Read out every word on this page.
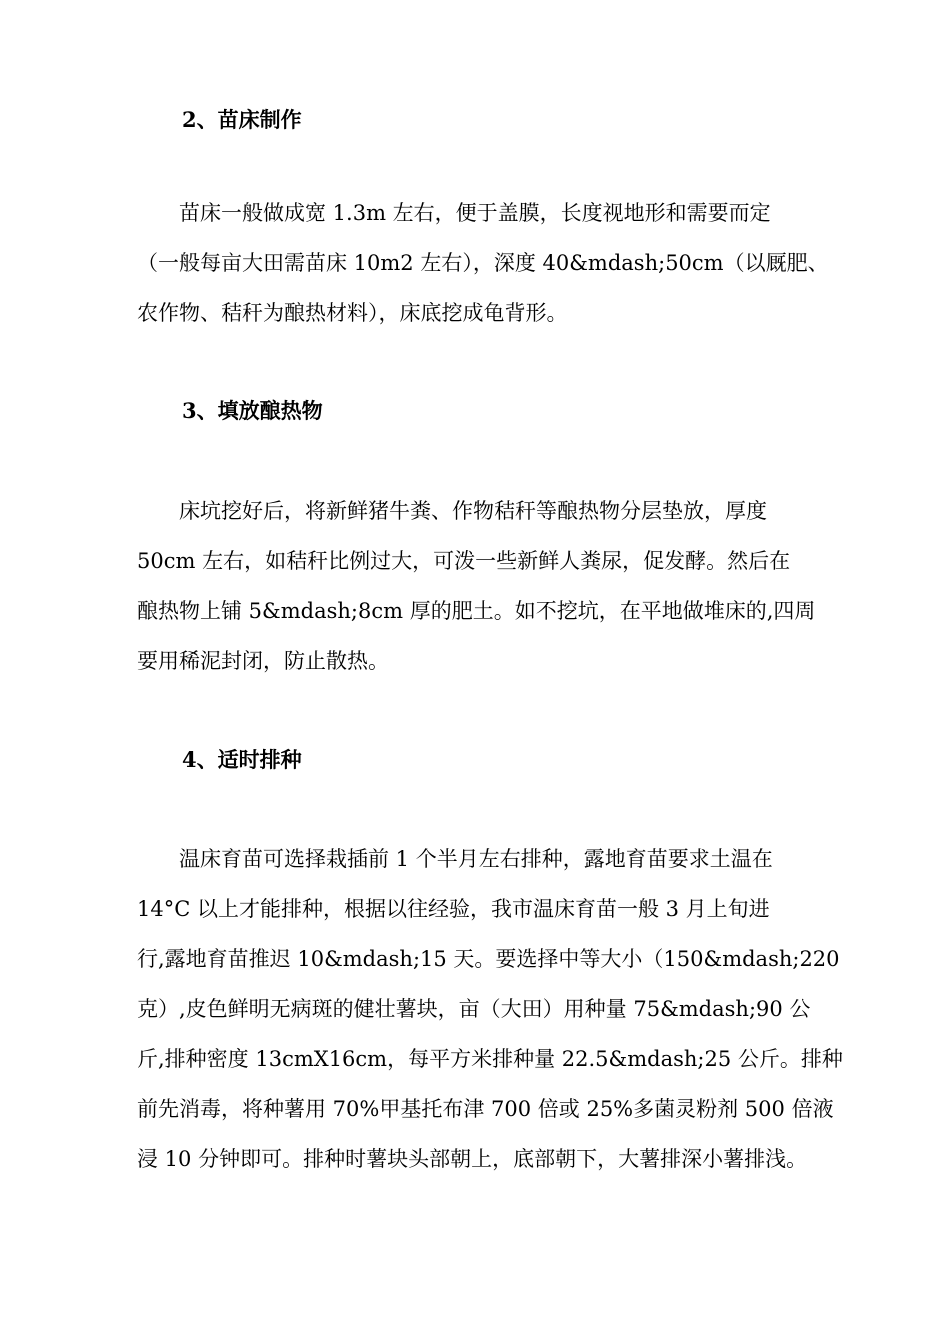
2、苗床制作
　　苗床一般做成宽 1.3m 左右，便于盖膜，长度视地形和需要而定
（一般每亩大田需苗床 10m2 左右），深度 40&mdash;50cm（以厩肥、
农作物、秸秆为酿热材料），床底挖成龟背形。
3、填放酿热物
　　床坑挖好后，将新鲜猪牛粪、作物秸秆等酿热物分层垫放，厚度
50cm 左右，如秸秆比例过大，可泼一些新鲜人粪尿，促发酵。然后在
酿热物上铺 5&mdash;8cm 厚的肥土。如不挖坑，在平地做堆床的,四周
要用稀泥封闭，防止散热。
4、适时排种
　　温床育苗可选择栽插前 1 个半月左右排种，露地育苗要求土温在
14°C 以上才能排种，根据以往经验，我市温床育苗一般 3 月上旬进
行,露地育苗推迟 10&mdash;15 天。要选择中等大小（150&mdash;220
克）,皮色鲜明无病斑的健壮薯块，亩（大田）用种量 75&mdash;90 公
斤,排种密度 13cmX16cm，每平方米排种量 22.5&mdash;25 公斤。排种
前先消毒，将种薯用 70%甲基托布津 700 倍或 25%多菌灵粉剂 500 倍液
浸 10 分钟即可。排种时薯块头部朝上，底部朝下，大薯排深小薯排浅。
